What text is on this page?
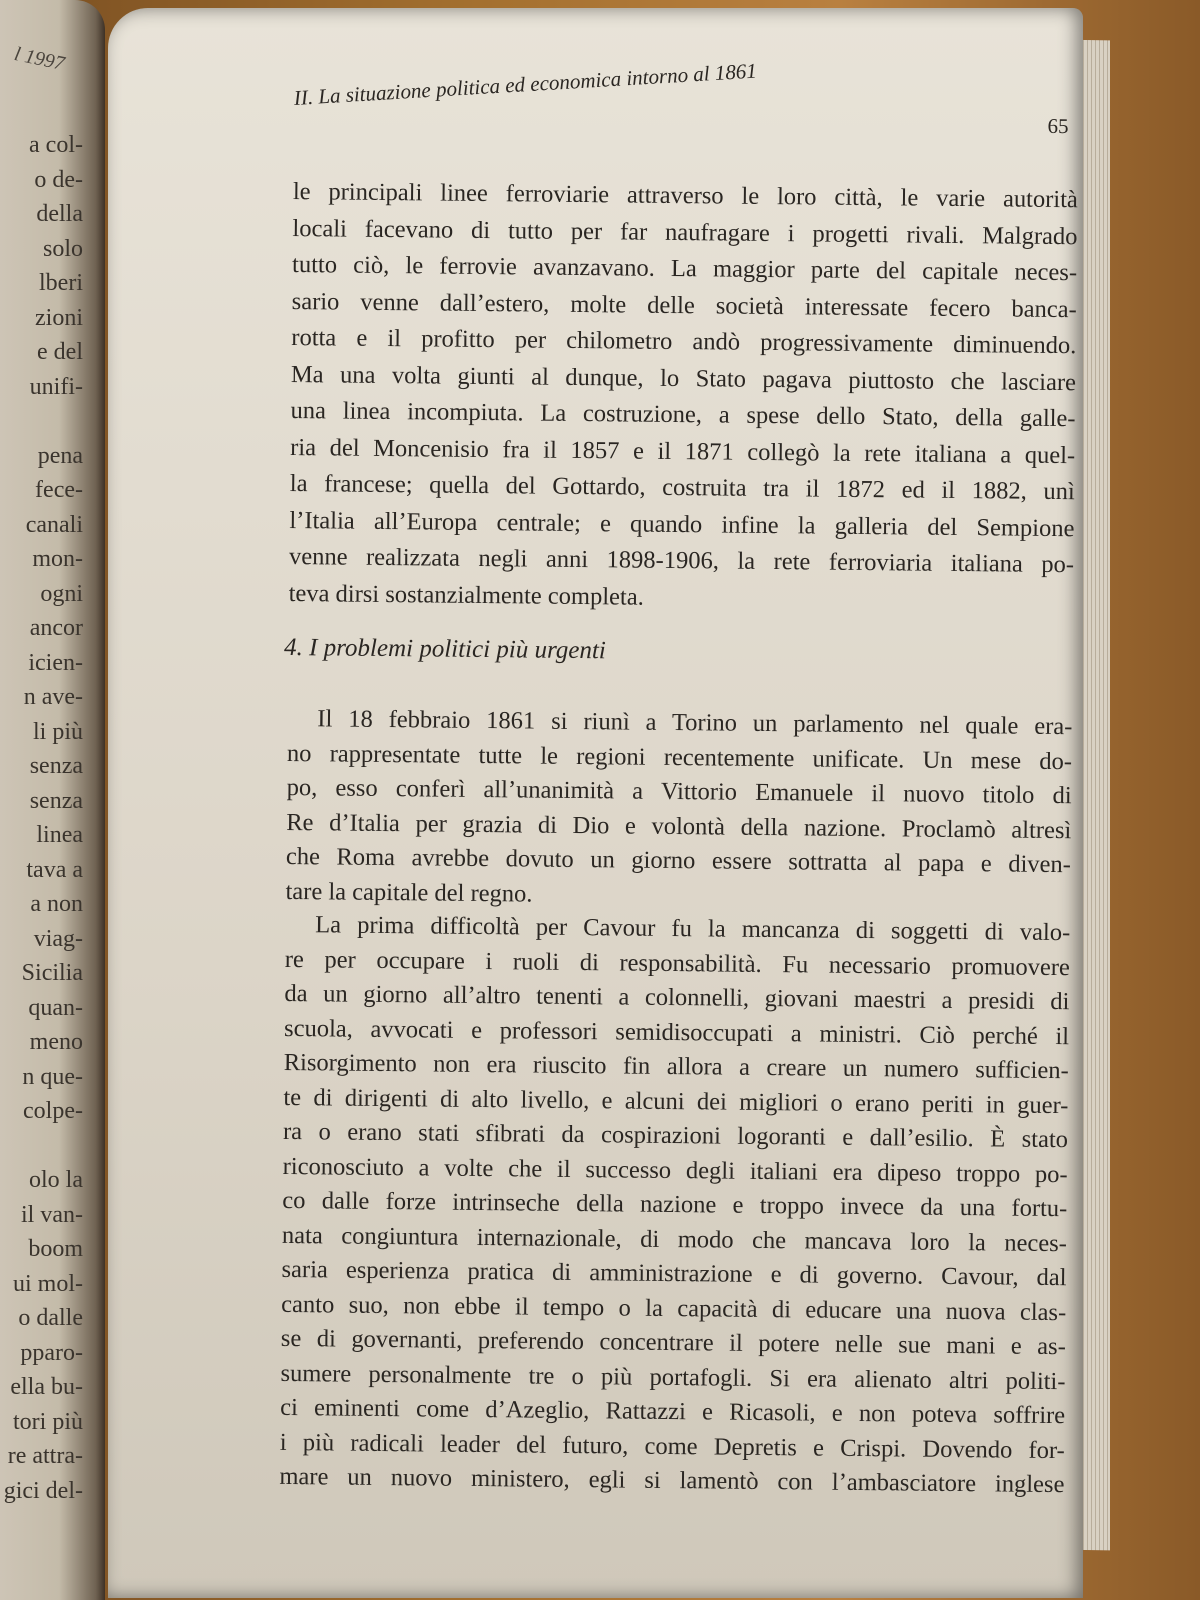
l 1997
a col-
o de-
della
solo
lberi
zioni
e del
unifi-
pena
fece-
canali
mon-
ogni
ancor
icien-
n ave-
li più
senza
senza
linea
tava a
a non
viag-
Sicilia
quan-
meno
n que-
colpe-
olo la
il van-
boom
ui mol-
o dalle
pparo-
ella bu-
tori più
re attra-
gici del-
II. La situazione politica ed economica intorno al 1861
65
le principali linee ferroviarie attraverso le loro città, le varie autorità
locali facevano di tutto per far naufragare i progetti rivali. Malgrado
tutto ciò, le ferrovie avanzavano. La maggior parte del capitale neces-
sario venne dall’estero, molte delle società interessate fecero banca-
rotta e il profitto per chilometro andò progressivamente diminuendo.
Ma una volta giunti al dunque, lo Stato pagava piuttosto che lasciare
una linea incompiuta. La costruzione, a spese dello Stato, della galle-
ria del Moncenisio fra il 1857 e il 1871 collegò la rete italiana a quel-
la francese; quella del Gottardo, costruita tra il 1872 ed il 1882, unì
l’Italia all’Europa centrale; e quando infine la galleria del Sempione
venne realizzata negli anni 1898-1906, la rete ferroviaria italiana po-
teva dirsi sostanzialmente completa.
4. I problemi politici più urgenti
Il 18 febbraio 1861 si riunì a Torino un parlamento nel quale era-
no rappresentate tutte le regioni recentemente unificate. Un mese do-
po, esso conferì all’unanimità a Vittorio Emanuele il nuovo titolo di
Re d’Italia per grazia di Dio e volontà della nazione. Proclamò altresì
che Roma avrebbe dovuto un giorno essere sottratta al papa e diven-
tare la capitale del regno.
La prima difficoltà per Cavour fu la mancanza di soggetti di valo-
re per occupare i ruoli di responsabilità. Fu necessario promuovere
da un giorno all’altro tenenti a colonnelli, giovani maestri a presidi di
scuola, avvocati e professori semidisoccupati a ministri. Ciò perché il
Risorgimento non era riuscito fin allora a creare un numero sufficien-
te di dirigenti di alto livello, e alcuni dei migliori o erano periti in guer-
ra o erano stati sfibrati da cospirazioni logoranti e dall’esilio. È stato
riconosciuto a volte che il successo degli italiani era dipeso troppo po-
co dalle forze intrinseche della nazione e troppo invece da una fortu-
nata congiuntura internazionale, di modo che mancava loro la neces-
saria esperienza pratica di amministrazione e di governo. Cavour, dal
canto suo, non ebbe il tempo o la capacità di educare una nuova clas-
se di governanti, preferendo concentrare il potere nelle sue mani e as-
sumere personalmente tre o più portafogli. Si era alienato altri politi-
ci eminenti come d’Azeglio, Rattazzi e Ricasoli, e non poteva soffrire
i più radicali leader del futuro, come Depretis e Crispi. Dovendo for-
mare un nuovo ministero, egli si lamentò con l’ambasciatore inglese
